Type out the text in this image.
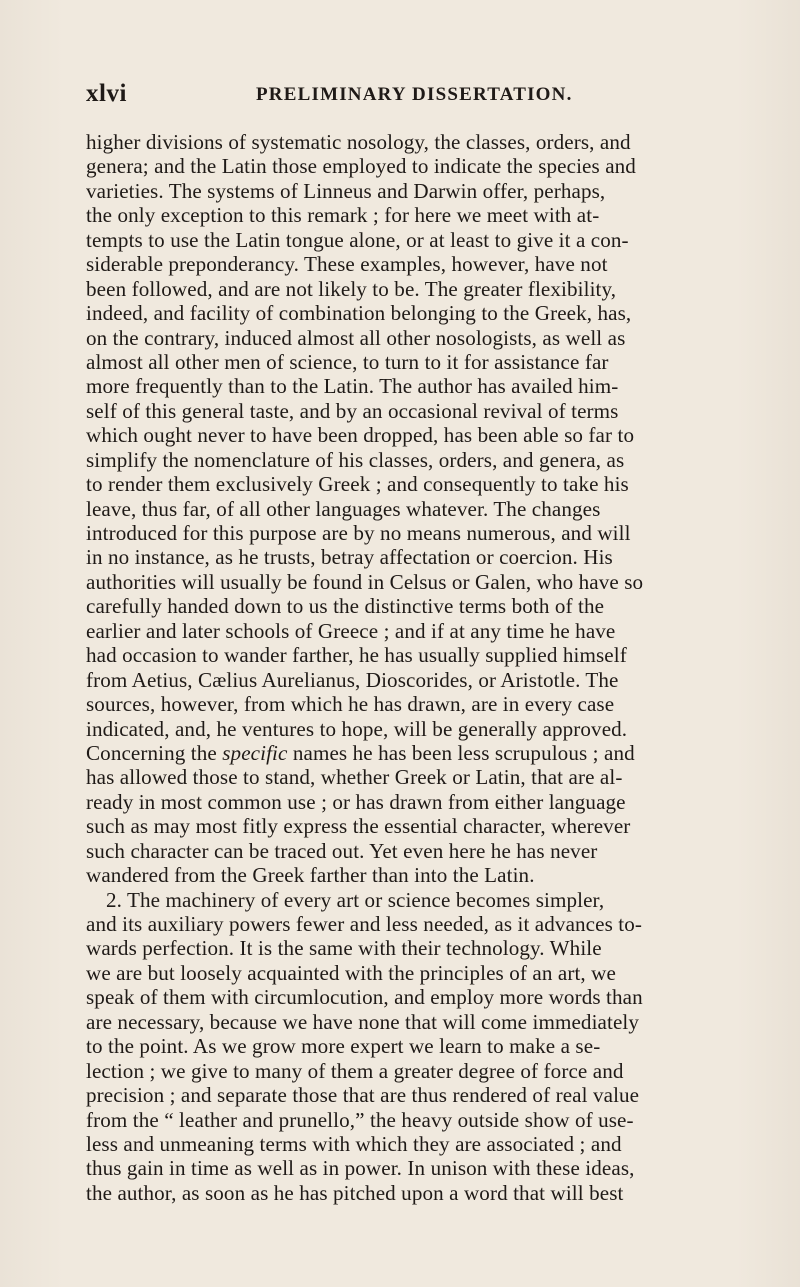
xlvi	PRELIMINARY DISSERTATION.
higher divisions of systematic nosology, the classes, orders, and
genera; and the Latin those employed to indicate the species and
varieties. The systems of Linneus and Darwin offer, perhaps,
the only exception to this remark ; for here we meet with at-
tempts to use the Latin tongue alone, or at least to give it a con-
siderable preponderancy. These examples, however, have not
been followed, and are not likely to be. The greater flexibility,
indeed, and facility of combination belonging to the Greek, has,
on the contrary, induced almost all other nosologists, as well as
almost all other men of science, to turn to it for assistance far
more frequently than to the Latin. The author has availed him-
self of this general taste, and by an occasional revival of terms
which ought never to have been dropped, has been able so far to
simplify the nomenclature of his classes, orders, and genera, as
to render them exclusively Greek ; and consequently to take his
leave, thus far, of all other languages whatever. The changes
introduced for this purpose are by no means numerous, and will
in no instance, as he trusts, betray affectation or coercion. His
authorities will usually be found in Celsus or Galen, who have so
carefully handed down to us the distinctive terms both of the
earlier and later schools of Greece ; and if at any time he have
had occasion to wander farther, he has usually supplied himself
from Aetius, Cælius Aurelianus, Dioscorides, or Aristotle. The
sources, however, from which he has drawn, are in every case
indicated, and, he ventures to hope, will be generally approved.
Concerning the specific names he has been less scrupulous ; and
has allowed those to stand, whether Greek or Latin, that are al-
ready in most common use ; or has drawn from either language
such as may most fitly express the essential character, wherever
such character can be traced out. Yet even here he has never
wandered from the Greek farther than into the Latin.
2. The machinery of every art or science becomes simpler,
and its auxiliary powers fewer and less needed, as it advances to-
wards perfection. It is the same with their technology. While
we are but loosely acquainted with the principles of an art, we
speak of them with circumlocution, and employ more words than
are necessary, because we have none that will come immediately
to the point. As we grow more expert we learn to make a se-
lection ; we give to many of them a greater degree of force and
precision ; and separate those that are thus rendered of real value
from the “ leather and prunello,” the heavy outside show of use-
less and unmeaning terms with which they are associated ; and
thus gain in time as well as in power. In unison with these ideas,
the author, as soon as he has pitched upon a word that will best
